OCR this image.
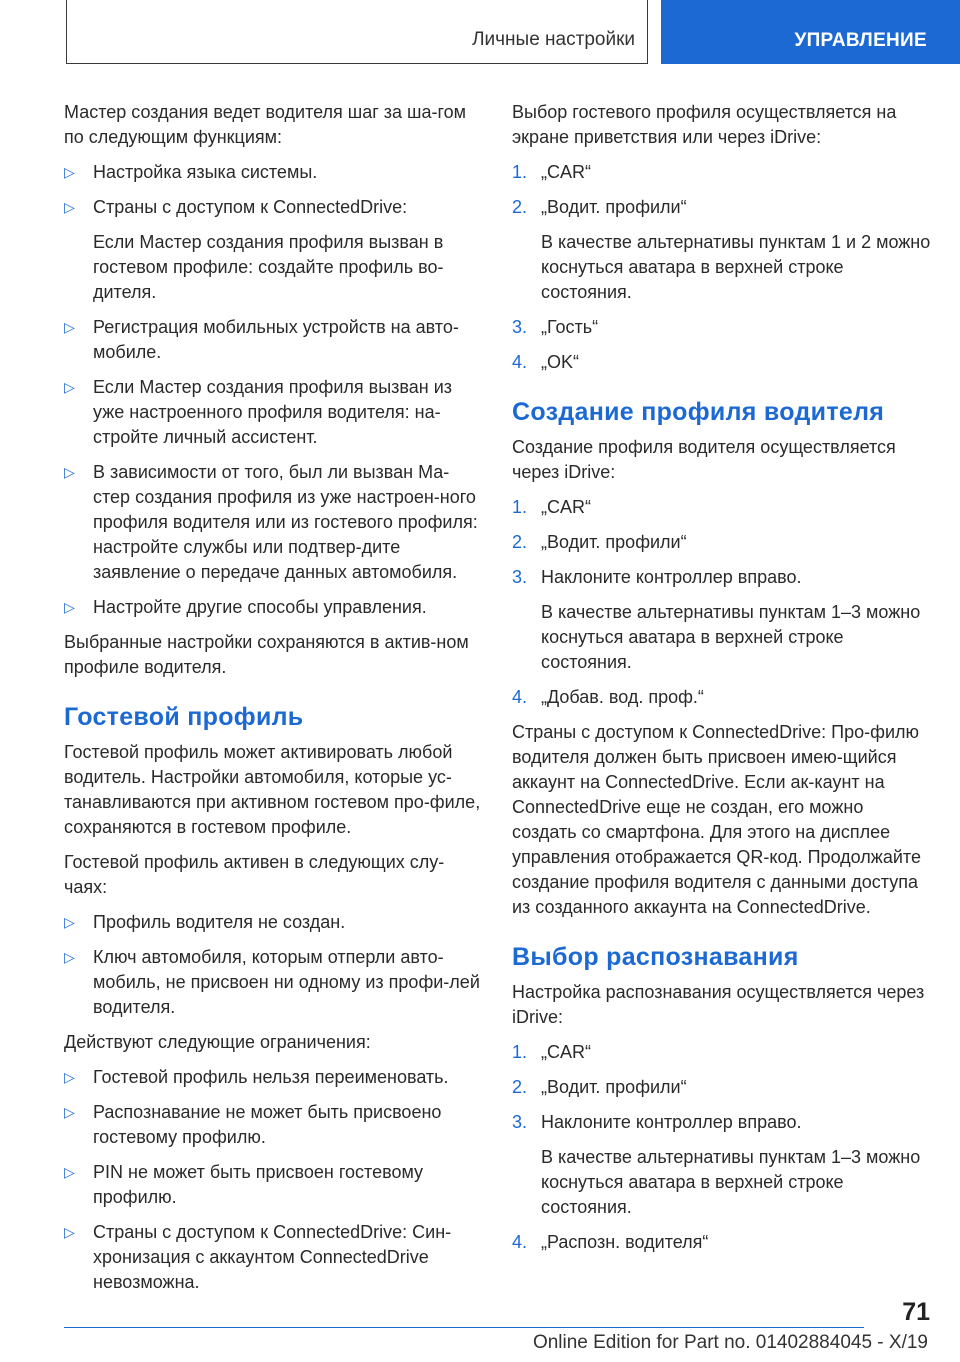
Личные настройки	УПРАВЛЕНИЕ

Мастер создания ведет водителя шаг за ша-гом по следующим функциям:

▷	Настройка языка системы.
▷	Страны с доступом к ConnectedDrive:
Если Мастер создания профиля вызван в гостевом профиле: создайте профиль во-дителя.
▷	Регистрация мобильных устройств на авто-мобиле.
▷	Если Мастер создания профиля вызван из уже настроенного профиля водителя: на-стройте личный ассистент.
▷	В зависимости от того, был ли вызван Ма-стер создания профиля из уже настроен-ного профиля водителя или из гостевого профиля: настройте службы или подтвер-дите заявление о передаче данных автомобиля.
▷	Настройте другие способы управления.

Выбранные настройки сохраняются в актив-ном профиле водителя.

Гостевой профиль

Гостевой профиль может активировать любой водитель. Настройки автомобиля, которые ус-танавливаются при активном гостевом про-филе, сохраняются в гостевом профиле.

Гостевой профиль активен в следующих слу-чаях:

▷	Профиль водителя не создан.
▷	Ключ автомобиля, которым отперли авто-мобиль, не присвоен ни одному из профи-лей водителя.

Действуют следующие ограничения:

▷	Гостевой профиль нельзя переименовать.
▷	Распознавание не может быть присвоено гостевому профилю.
▷	PIN не может быть присвоен гостевому профилю.
▷	Страны с доступом к ConnectedDrive: Син-хронизация с аккаунтом ConnectedDrive невозможна.

Выбор гостевого профиля осуществляется на экране приветствия или через iDrive:

1. „CAR“
2. „Водит. профили“
В качестве альтернативы пунктам 1 и 2 можно коснуться аватара в верхней строке состояния.
3. „Гость“
4. „OK“
Создание профиля водителя

Создание профиля водителя осуществляется через iDrive:

1. „CAR“
2. „Водит. профили“
3. Наклоните контроллер вправо.
В качестве альтернативы пунктам 1–3 можно коснуться аватара в верхней строке состояния.
4. „Добав. вод. проф.“

Страны с доступом к ConnectedDrive: Про-филю водителя должен быть присвоен имею-щийся аккаунт на ConnectedDrive. Если ак-каунт на ConnectedDrive еще не создан, его можно создать со смартфона. Для этого на дисплее управления отображается QR-код. Продолжайте создание профиля водителя с данными доступа из созданного аккаунта на ConnectedDrive.

Выбор распознавания

Настройка распознавания осуществляется через iDrive:

1. „CAR“
2. „Водит. профили“
3. Наклоните контроллер вправо.
В качестве альтернативы пунктам 1–3 можно коснуться аватара в верхней строке состояния.
4. „Распозн. водителя“
71
Online Edition for Part no. 01402884045 - X/19
